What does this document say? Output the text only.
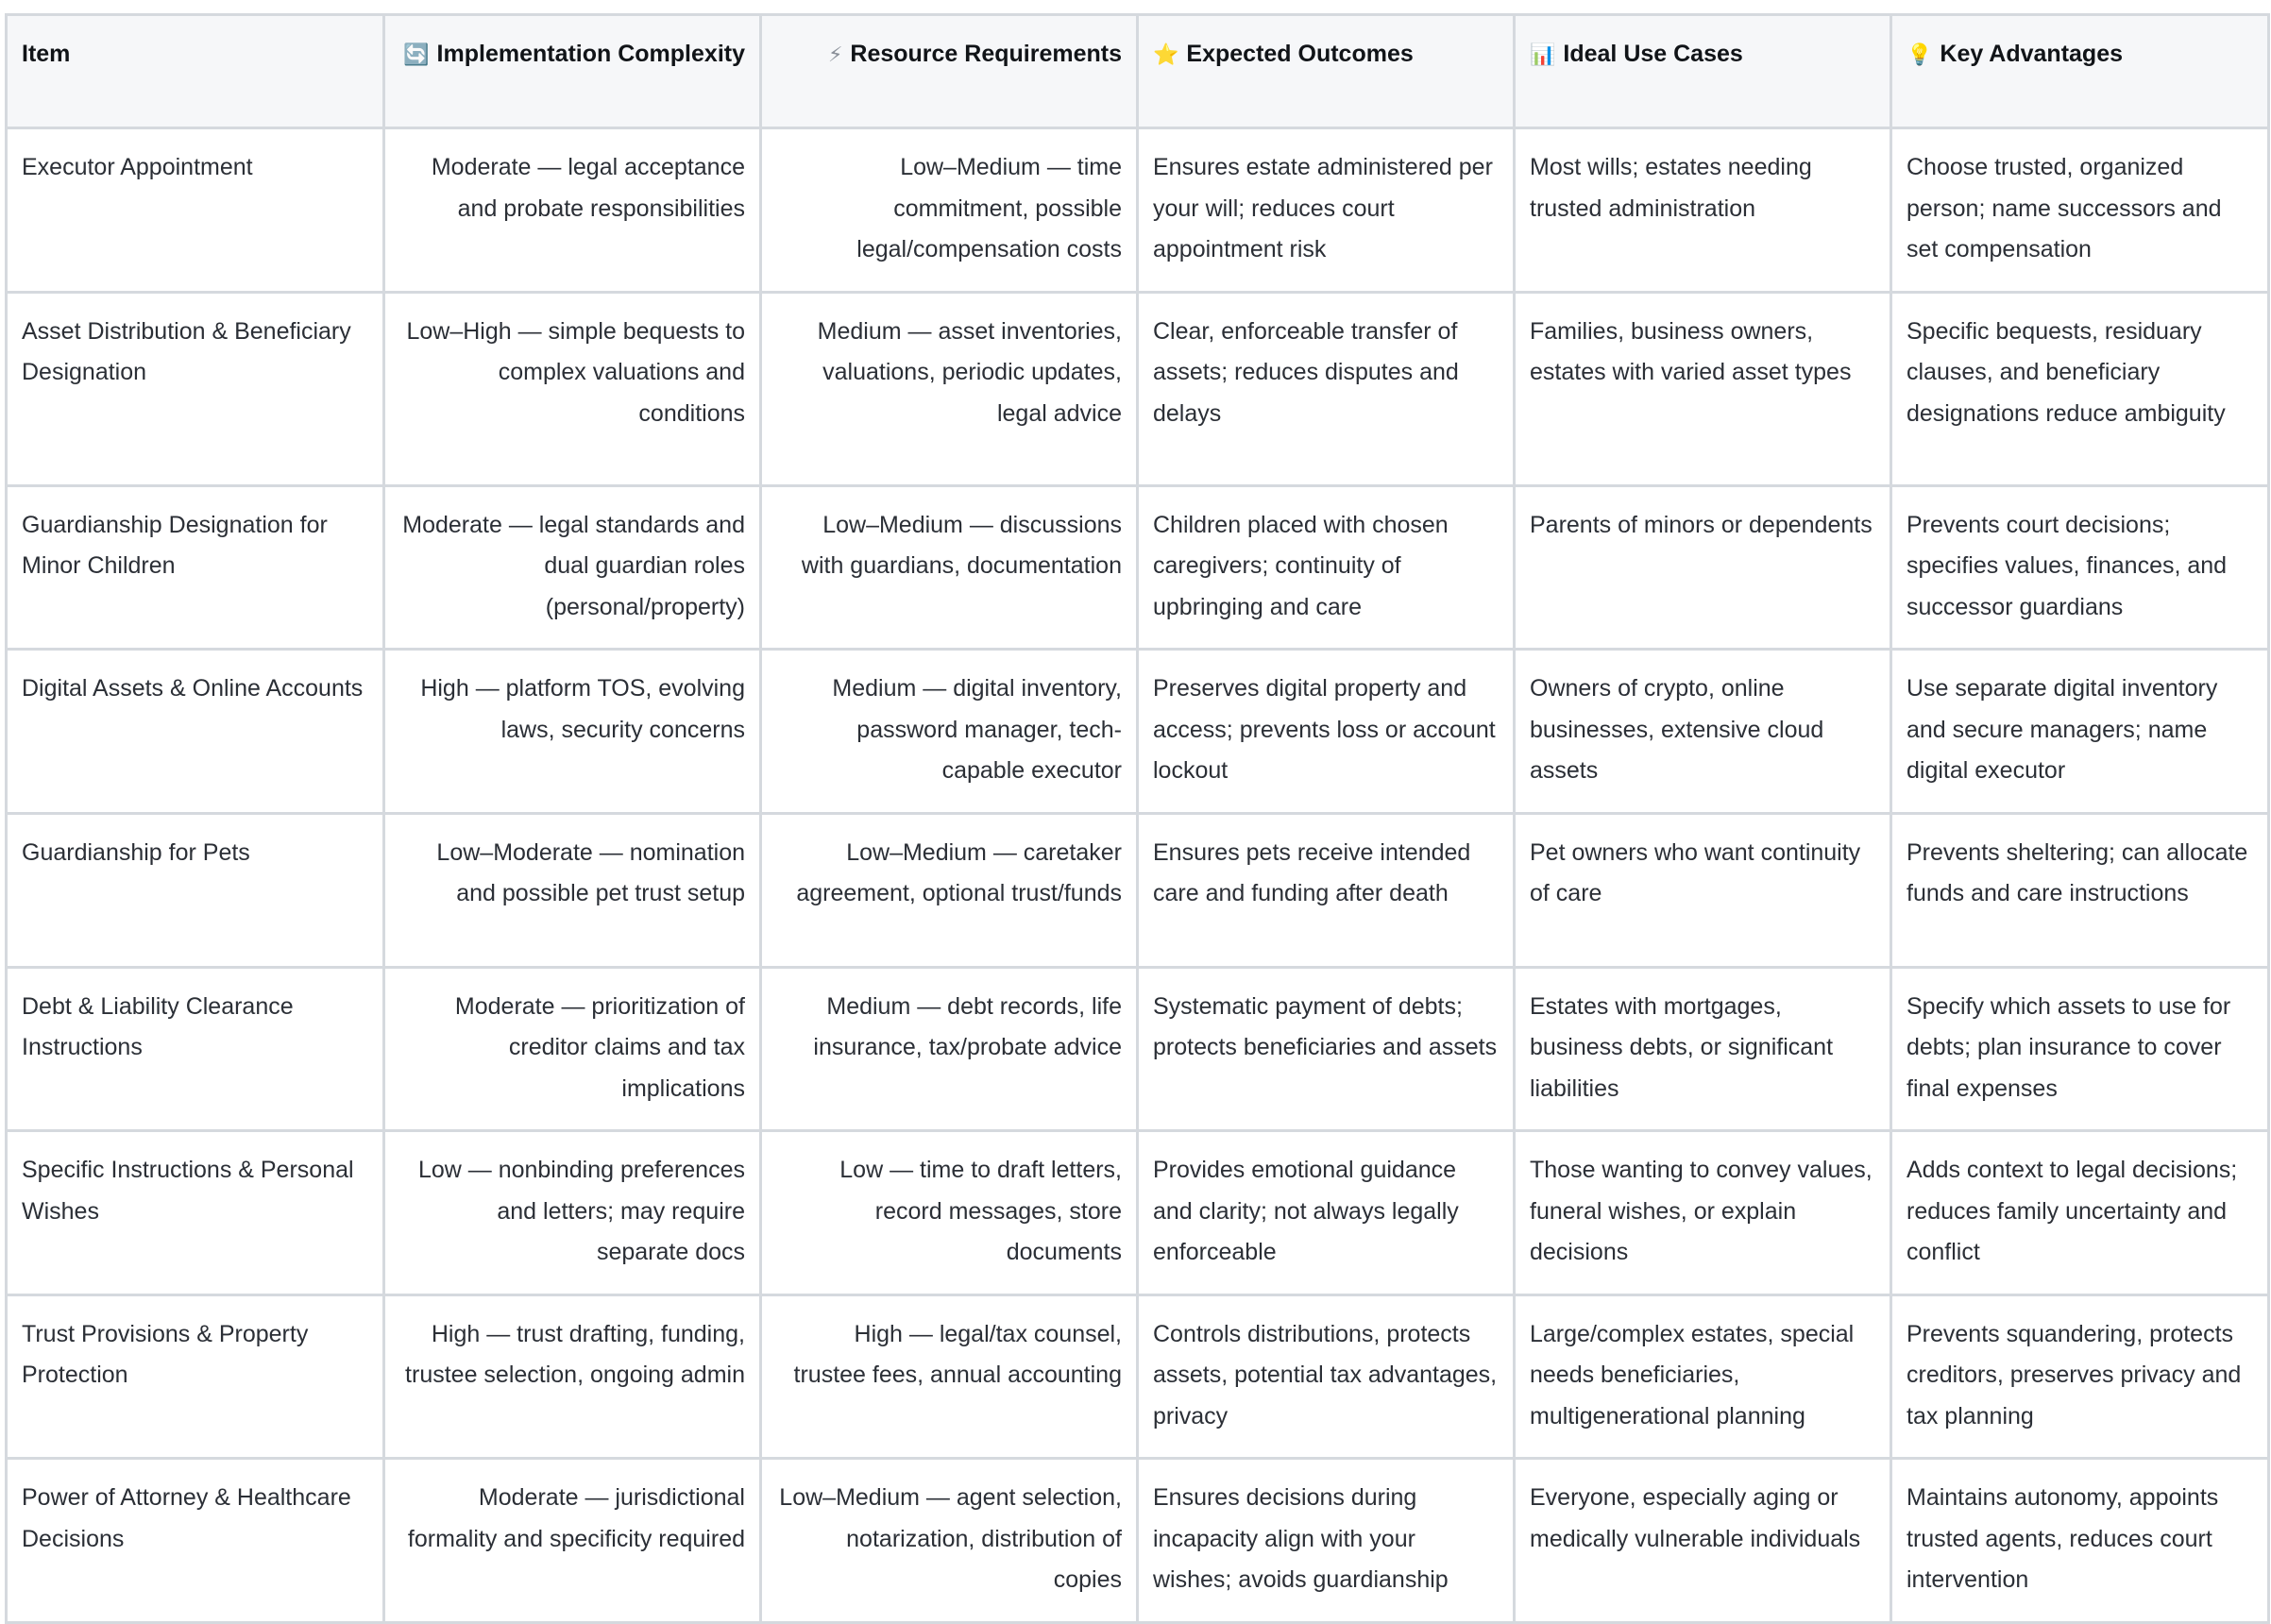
Item	🔄 Implementation Complexity	⚡ Resource Requirements	⭐ Expected Outcomes	📊 Ideal Use Cases	💡 Key Advantages
Executor Appointment	Moderate — legal acceptance and probate responsibilities	Low–Medium — time commitment, possible legal/compensation costs	Ensures estate administered per your will; reduces court appointment risk	Most wills; estates needing trusted administration	Choose trusted, organized person; name successors and set compensation
Asset Distribution & Beneficiary Designation	Low–High — simple bequests to complex valuations and conditions	Medium — asset inventories, valuations, periodic updates, legal advice	Clear, enforceable transfer of assets; reduces disputes and delays	Families, business owners, estates with varied asset types	Specific bequests, residuary clauses, and beneficiary designations reduce ambiguity
Guardianship Designation for Minor Children	Moderate — legal standards and dual guardian roles (personal/property)	Low–Medium — discussions with guardians, documentation	Children placed with chosen caregivers; continuity of upbringing and care	Parents of minors or dependents	Prevents court decisions; specifies values, finances, and successor guardians
Digital Assets & Online Accounts	High — platform TOS, evolving laws, security concerns	Medium — digital inventory, password manager, tech-capable executor	Preserves digital property and access; prevents loss or account lockout	Owners of crypto, online businesses, extensive cloud assets	Use separate digital inventory and secure managers; name digital executor
Guardianship for Pets	Low–Moderate — nomination and possible pet trust setup	Low–Medium — caretaker agreement, optional trust/funds	Ensures pets receive intended care and funding after death	Pet owners who want continuity of care	Prevents sheltering; can allocate funds and care instructions
Debt & Liability Clearance Instructions	Moderate — prioritization of creditor claims and tax implications	Medium — debt records, life insurance, tax/probate advice	Systematic payment of debts; protects beneficiaries and assets	Estates with mortgages, business debts, or significant liabilities	Specify which assets to use for debts; plan insurance to cover final expenses
Specific Instructions & Personal Wishes	Low — nonbinding preferences and letters; may require separate docs	Low — time to draft letters, record messages, store documents	Provides emotional guidance and clarity; not always legally enforceable	Those wanting to convey values, funeral wishes, or explain decisions	Adds context to legal decisions; reduces family uncertainty and conflict
Trust Provisions & Property Protection	High — trust drafting, funding, trustee selection, ongoing admin	High — legal/tax counsel, trustee fees, annual accounting	Controls distributions, protects assets, potential tax advantages, privacy	Large/complex estates, special needs beneficiaries, multigenerational planning	Prevents squandering, protects creditors, preserves privacy and tax planning
Power of Attorney & Healthcare Decisions	Moderate — jurisdictional formality and specificity required	Low–Medium — agent selection, notarization, distribution of copies	Ensures decisions during incapacity align with your wishes; avoids guardianship	Everyone, especially aging or medically vulnerable individuals	Maintains autonomy, appoints trusted agents, reduces court intervention
